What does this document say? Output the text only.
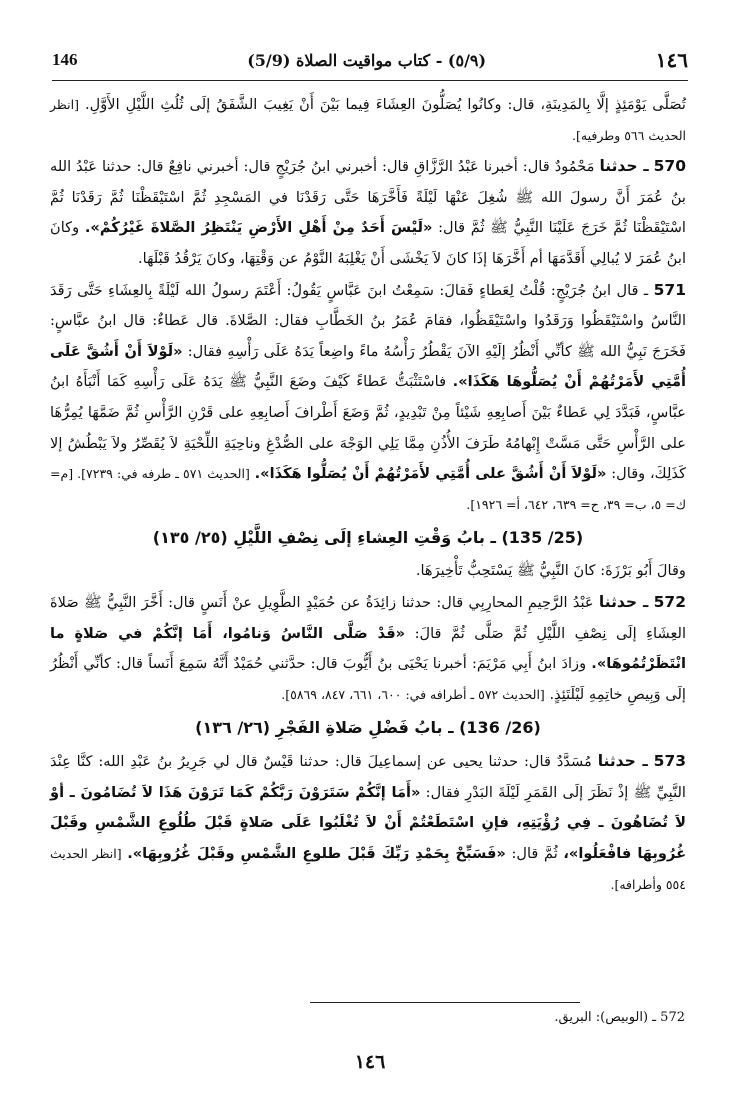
١٤٦
(٥/٩) - كتاب مواقيت الصلاة (5/9)
146

تُصَلَّى يَوْمَئِذٍ إلَّا بِالمَدِينَةِ، قال: وكانُوا يُصَلُّونَ العِشَاءَ فِيما بَيْنَ أَنْ يَغِيبَ الشَّفَقُ إلَى ثُلُثِ اللَّيْلِ الأَوَّلِ. [انظر الحديث ٥٦٦ وطرفيه].

570 ـ حدثنا مَحْمُودٌ قال: أخبرنا عَبْدُ الرَّزَّاقِ قال: أخبرني ابنُ جُرَيْجٍ قال: أخبرني نافِعٌ قال: حدثنا عَبْدُ الله بنُ عُمَرَ أَنَّ رسولَ الله ﷺ شُغِلَ عَنْهَا لَيْلَةً فَأَخَّرَهَا حَتَّى رَقَدْنَا في المَسْجِدِ ثُمَّ اسْتَيْقَظْنَا ثُمَّ رَقَدْنَا ثُمَّ اسْتَيْقَظْنَا ثُمَّ خَرَجَ عَلَيْنَا النَّبِيُّ ﷺ ثُمَّ قال: «لَيْسَ أَحَدٌ مِنْ أَهْلِ الأَرْضِ يَنْتَظِرُ الصَّلاةَ غَيْرُكُمْ». وكانَ ابنُ عُمَرَ لا يُبالِي أَقَدَّمَهَا أم أَخَّرَهَا إذَا كانَ لاَ يَخْشَى أَنْ يَغْلِبَهُ النَّوْمُ عن وَقْتِهَا، وكانَ يَرْقُدُ قَبْلَهَا.

571 ـ قال ابنُ جُرَيْجٍ: قُلْتُ لِعَطاءٍ فَقالَ: سَمِعْتُ ابنَ عَبَّاسٍ يَقُولُ: أَعْتَمَ رسولُ الله لَيْلَةً بِالعِشَاءِ حَتَّى رَقَدَ النَّاسُ واسْتَيْقَظُوا وَرَقَدُوا واسْتَيْقَظُوا، فقامَ عُمَرُ بنُ الخَطَّابِ فقال: الصَّلاةَ. قال عَطاءٌ: قال ابنُ عبَّاسٍ: فَخَرَجَ نَبِيُّ الله ﷺ كأنِّي أَنْظُرُ إلَيْهِ الآنَ يَقْطُرُ رَأْسُهُ ماءً واضِعاً يَدَهُ عَلَى رَأْسِهِ فقال: «لَوْلاَ أَنْ أَشُقَّ عَلَى أُمَّتِي لأَمَرْتُهُمْ أَنْ يُصَلُّوهَا هَكَذَا». فاسْتَثْبَتُّ عَطاءً كَيْفَ وضَعَ النَّبِيُّ ﷺ يَدَهُ عَلَى رَأْسِهِ كَمَا أَنْبَأَهُ ابنُ عبَّاسٍ، فَبَدَّدَ لِي عَطاءٌ بَيْنَ أَصابِعِهِ شَيْئاً مِنْ تَبْدِيدٍ، ثُمَّ وَضَعَ أَطْرافَ أَصابِعِهِ على قَرْنِ الرَّأْسِ ثُمَّ ضَمَّهَا يُمِرُّهَا على الرَّأْسِ حَتَّى مَسَّتْ إِبْهامُهُ طَرَفَ الأُذُنِ مِمَّا يَلِي الوَجْهَ على الصُّدْغِ وناحِيَةِ اللِّحْيَةِ لاَ يُقَصِّرُ ولاَ يَبْطُشُ إلا كَذَلِكَ، وقال: «لَوْلاَ أَنْ أَشُقَّ على أُمَّتِي لأَمَرْتُهُمْ أَنْ يُصَلُّوا هَكَذَا». [الحديث ٥٧١ ـ طرفه في: ٧٢٣٩]. [م= ك= ٥، ب= ٣٩، ح= ٦٣٩، ٦٤٢، أ= ١٩٢٦].

(25/ 135) ـ بابُ وَقْتِ العِشاءِ إلَى نِصْفِ اللَّيْلِ (٢٥/ ١٣٥)

وقالَ أَبُو بَرْزَةَ: كانَ النَّبِيُّ ﷺ يَسْتَحِبُّ تَأْخِيرَهَا.

572 ـ حدثنا عَبْدُ الرَّحِيمِ المحارِبِي قال: حدثنا زائِدَةُ عن حُمَيْدٍ الطَّوِيلِ عنْ أَنَسٍ قال: أَخَّرَ النَّبِيُّ ﷺ صَلاةَ العِشَاءِ إلَى نِصْفِ اللَّيْلِ ثُمَّ صَلَّى ثُمَّ قالَ: «قَدْ صَلَّى النَّاسُ وَنامُوا، أَمَا إنَّكُمْ في صَلاةٍ ما انْتَظَرْتُمُوهَا». وزادَ ابنُ أَبِي مَرْيَمَ: أخبرنا يَحْيَى بنُ أَيُّوبَ قال: حدَّثني حُمَيْدٌ أَنَّهُ سَمِعَ أَنَساً قال: كأنِّي أَنْظُرُ إلَى وَبِيصِ خاتِمِهِ لَيْلَتَئِذٍ. [الحديث ٥٧٢ ـ أطرافه في: ٦٠٠، ٦٦١، ٨٤٧، ٥٨٦٩].

(26/ 136) ـ بابُ فَضْلِ صَلاةِ الفَجْرِ (٢٦/ ١٣٦)

573 ـ حدثنا مُسَدَّدٌ قال: حدثنا يحيى عن إسماعِيلَ قال: حدثنا قَيْسٌ قال لي جَرِيرُ بنُ عَبْدِ الله: كنَّا عِنْدَ النَّبِيِّ ﷺ إذْ نَظَرَ إلَى القَمَرِ لَيْلَةَ البَدْرِ فقال: «أَمَا إنَّكُمْ سَتَرَوْنَ رَبَّكُمْ كَمَا تَرَوْنَ هَذَا لاَ تُضَامُونَ ـ أوْ لاَ تُضَاهُونَ ـ فِي رُؤْيَتِهِ، فإنِ اسْتَطَعْتُمْ أَنْ لاَ تُغْلَبُوا عَلَى صَلاةٍ قَبْلَ طُلُوعِ الشَّمْسِ وقَبْلَ غُرُوبِهَا فافْعَلُوا»، ثُمَّ قال: «فَسَبِّحْ بِحَمْدِ رَبِّكَ قَبْلَ طلوعِ الشَّمْسِ وقَبْلَ غُرُوبِهَا». [انظر الحديث ٥٥٤ وأطرافه].

572 ـ (الوبيص): البريق.
١٤٦
